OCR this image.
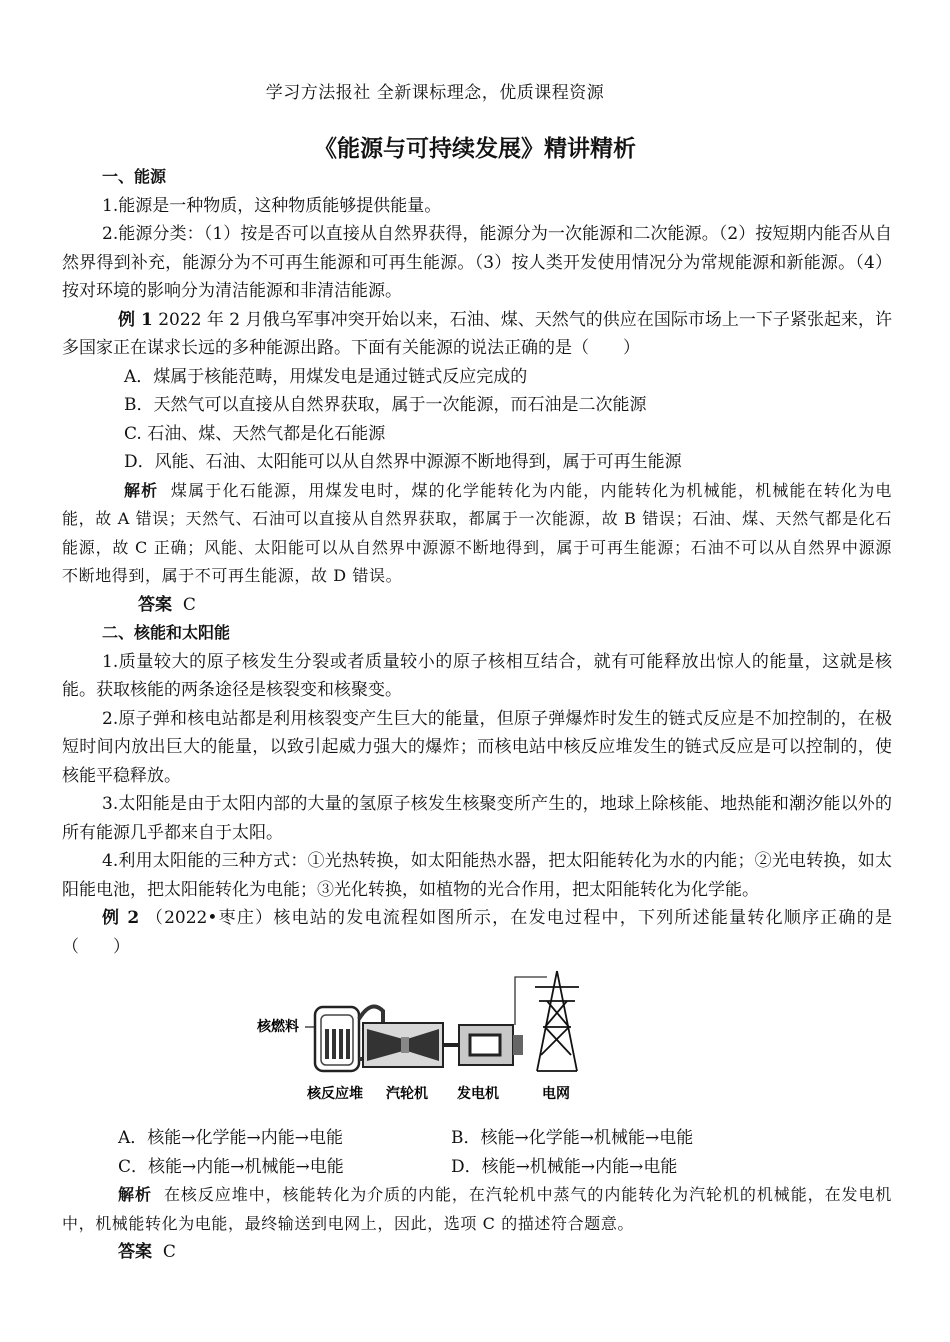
学习方法报社 全新课标理念，优质课程资源
《能源与可持续发展》精讲精析
一、能源
1.能源是一种物质，这种物质能够提供能量。
2.能源分类：（1）按是否可以直接从自然界获得，能源分为一次能源和二次能源。（2）按短期内能否从自然界得到补充，能源分为不可再生能源和可再生能源。（3）按人类开发使用情况分为常规能源和新能源。（4）按对环境的影响分为清洁能源和非清洁能源。
例 1 2022 年 2 月俄乌军事冲突开始以来，石油、煤、天然气的供应在国际市场上一下子紧张起来，许多国家正在谋求长远的多种能源出路。下面有关能源的说法正确的是（　　）
A．煤属于核能范畴，用煤发电是通过链式反应完成的
B．天然气可以直接从自然界获取，属于一次能源，而石油是二次能源
C. 石油、煤、天然气都是化石能源
D．风能、石油、太阳能可以从自然界中源源不断地得到，属于可再生能源
解析 煤属于化石能源，用煤发电时，煤的化学能转化为内能，内能转化为机械能，机械能在转化为电能，故 A 错误；天然气、石油可以直接从自然界获取，都属于一次能源，故 B 错误；石油、煤、天然气都是化石能源，故 C 正确；风能、太阳能可以从自然界中源源不断地得到，属于可再生能源；石油不可以从自然界中源源不断地得到，属于不可再生能源，故 D 错误。
答案 C
二、核能和太阳能
1.质量较大的原子核发生分裂或者质量较小的原子核相互结合，就有可能释放出惊人的能量，这就是核能。获取核能的两条途径是核裂变和核聚变。
2.原子弹和核电站都是利用核裂变产生巨大的能量，但原子弹爆炸时发生的链式反应是不加控制的，在极短时间内放出巨大的能量，以致引起威力强大的爆炸；而核电站中核反应堆发生的链式反应是可以控制的，使核能平稳释放。
3.太阳能是由于太阳内部的大量的氢原子核发生核聚变所产生的，地球上除核能、地热能和潮汐能以外的所有能源几乎都来自于太阳。
4.利用太阳能的三种方式：①光热转换，如太阳能热水器，把太阳能转化为水的内能；②光电转换，如太阳能电池，把太阳能转化为电能；③光化转换，如植物的光合作用，把太阳能转化为化学能。
例 2 （2022•枣庄）核电站的发电流程如图所示，在发电过程中，下列所述能量转化顺序正确的是（　　）
核燃料
核反应堆 汽轮机 发电机	电网
A．核能→化学能→内能→电能	B．核能→化学能→机械能→电能
C．核能→内能→机械能→电能	D．核能→机械能→内能→电能
解析 在核反应堆中，核能转化为介质的内能，在汽轮机中蒸气的内能转化为汽轮机的机械能，在发电机中，机械能转化为电能，最终输送到电网上，因此，选项 C 的描述符合题意。
答案 C
